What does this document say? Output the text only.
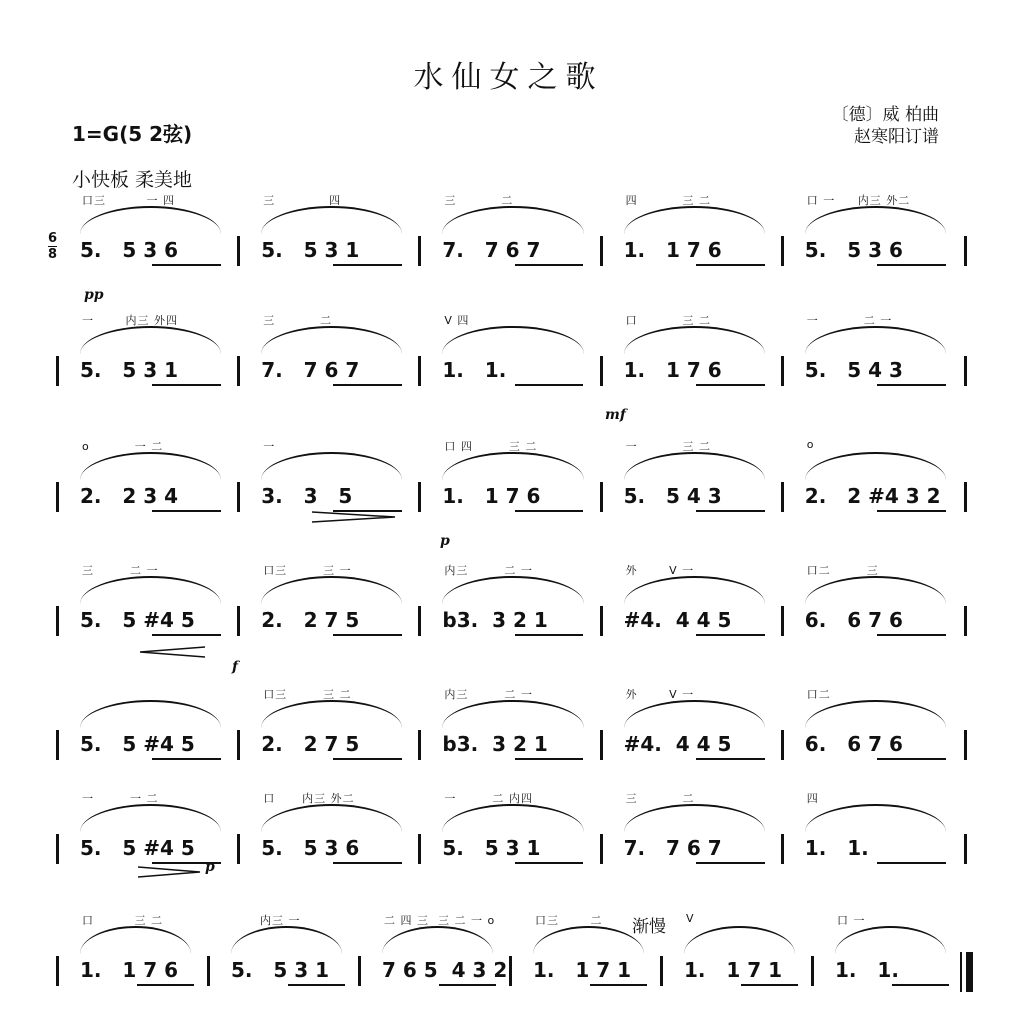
水仙女之歌
〔德〕威 柏曲
赵寒阳订谱
1=G(5 2弦)
小快板 柔美地
6
8
口三         一 四
5.   5 3 6
三            四
5.   5 3 1
三          二
7.   7 6 7
四          三 二
1.   1 7 6
口 一     内三 外二
5.   5 3 6
pp
一       内三 外四
5.   5 3 1
三          二
7.   7 6 7
V 四
1.   1.
口          三 二
1.   1 7 6
一          二 一
5.   5 4 3
mf
o          一 二
2.   2 3 4
一
3.   3   5
口 四        三 二
1.   1 7 6
一          三 二
5.   5 4 3
o
2.   2 #4 3 2
p
三        二 一
5.   5 #4 5
口三        三 一
2.   2 7 5
内三        二 一
b3.  3 2 1
外       V 一
#4.  4 4 5
口二        三
6.   6 7 6
f
5.   5 #4 5
口三        三 二
2.   2 7 5
内三        二 一
b3.  3 2 1
外       V 一
#4.  4 4 5
口二
6.   6 7 6
一        一 二
5.   5 #4 5
口      内三 外二
5.   5 3 6
一        二 内四
5.   5 3 1
三          二
7.   7 6 7
四
1.   1.
p
口         三 二
1.   1 7 6
内三 一
5.   5 3 1
二 四 三  三 二 一 o
7 6 5  4 3 2
口三       二
1.   1 7 1
V
1.   1 7 1
口 一
1.   1.
渐慢
